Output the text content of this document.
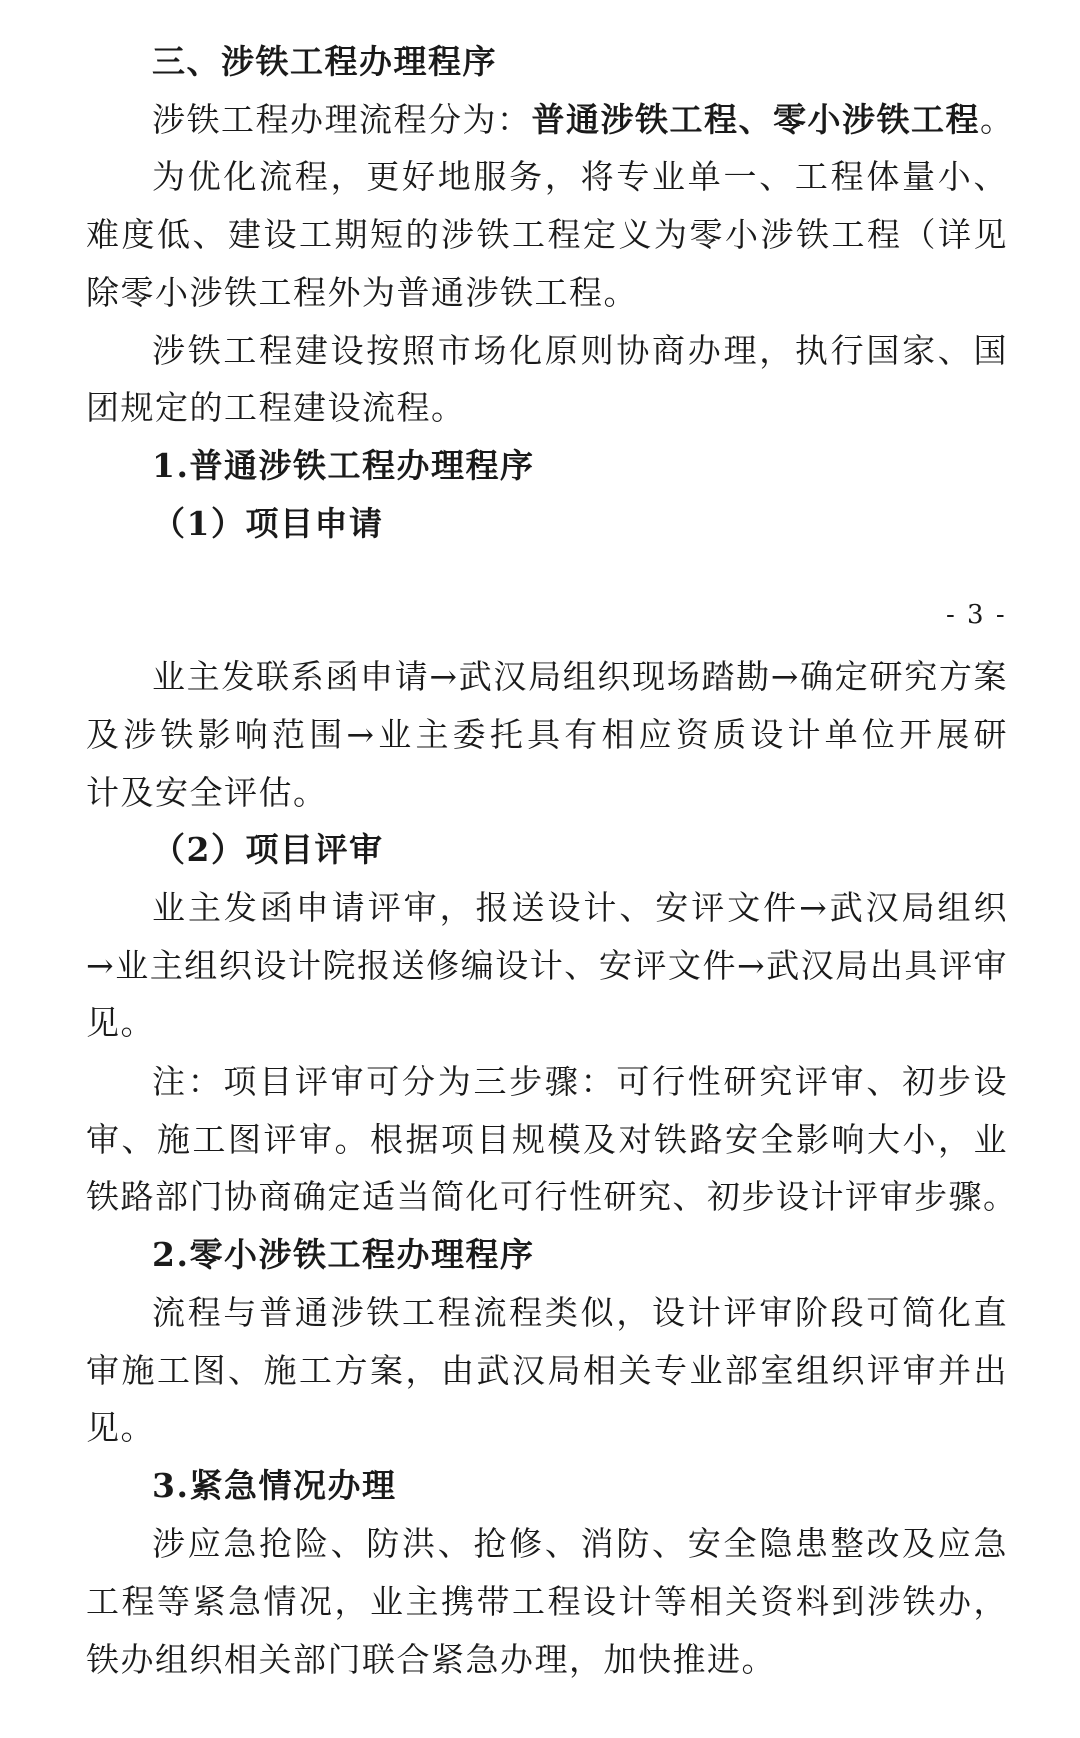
三、涉铁工程办理程序
涉铁工程办理流程分为：普通涉铁工程、零小涉铁工程。
为优化流程，更好地服务，将专业单一、工程体量小、
难度低、建设工期短的涉铁工程定义为零小涉铁工程（详见
除零小涉铁工程外为普通涉铁工程。
涉铁工程建设按照市场化原则协商办理，执行国家、国
团规定的工程建设流程。
1.普通涉铁工程办理程序
（1）项目申请
- 3 -
业主发联系函申请→武汉局组织现场踏勘→确定研究方案
及涉铁影响范围→业主委托具有相应资质设计单位开展研
计及安全评估。
（2）项目评审
业主发函申请评审，报送设计、安评文件→武汉局组织
→业主组织设计院报送修编设计、安评文件→武汉局出具评审
见。
注：项目评审可分为三步骤：可行性研究评审、初步设
审、施工图评审。根据项目规模及对铁路安全影响大小，业
铁路部门协商确定适当简化可行性研究、初步设计评审步骤。
2.零小涉铁工程办理程序
流程与普通涉铁工程流程类似，设计评审阶段可简化直
审施工图、施工方案，由武汉局相关专业部室组织评审并出
见。
3.紧急情况办理
涉应急抢险、防洪、抢修、消防、安全隐患整改及应急
工程等紧急情况，业主携带工程设计等相关资料到涉铁办，
铁办组织相关部门联合紧急办理，加快推进。
